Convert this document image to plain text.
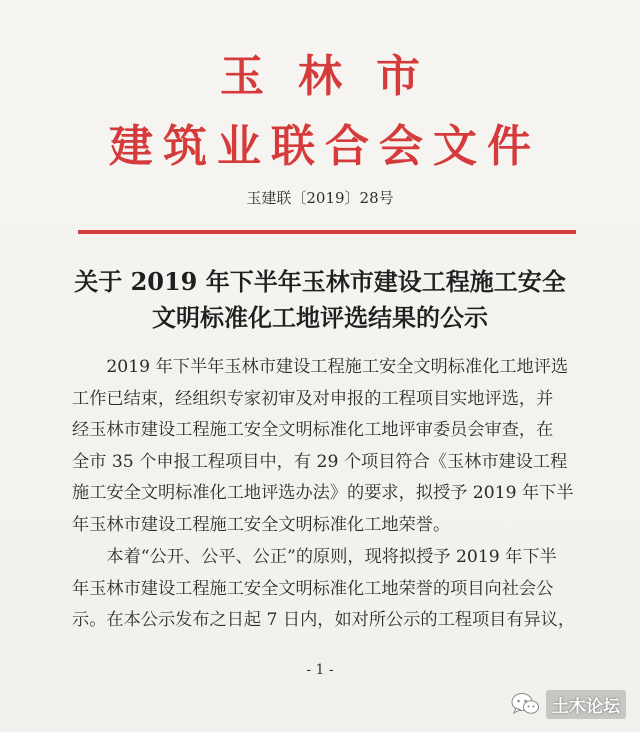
玉林市
建筑业联合会文件
玉建联〔2019〕28号
关于 2019 年下半年玉林市建设工程施工安全
文明标准化工地评选结果的公示
　　2019 年下半年玉林市建设工程施工安全文明标准化工地评选
工作已结束，经组织专家初审及对申报的工程项目实地评选，并
经玉林市建设工程施工安全文明标准化工地评审委员会审查，在
全市 35 个申报工程项目中，有 29 个项目符合《玉林市建设工程
施工安全文明标准化工地评选办法》的要求，拟授予 2019 年下半
年玉林市建设工程施工安全文明标准化工地荣誉。
　　本着“公开、公平、公正”的原则，现将拟授予 2019 年下半
年玉林市建设工程施工安全文明标准化工地荣誉的项目向社会公
示。在本公示发布之日起 7 日内，如对所公示的工程项目有异议，
- 1 -
土木论坛
